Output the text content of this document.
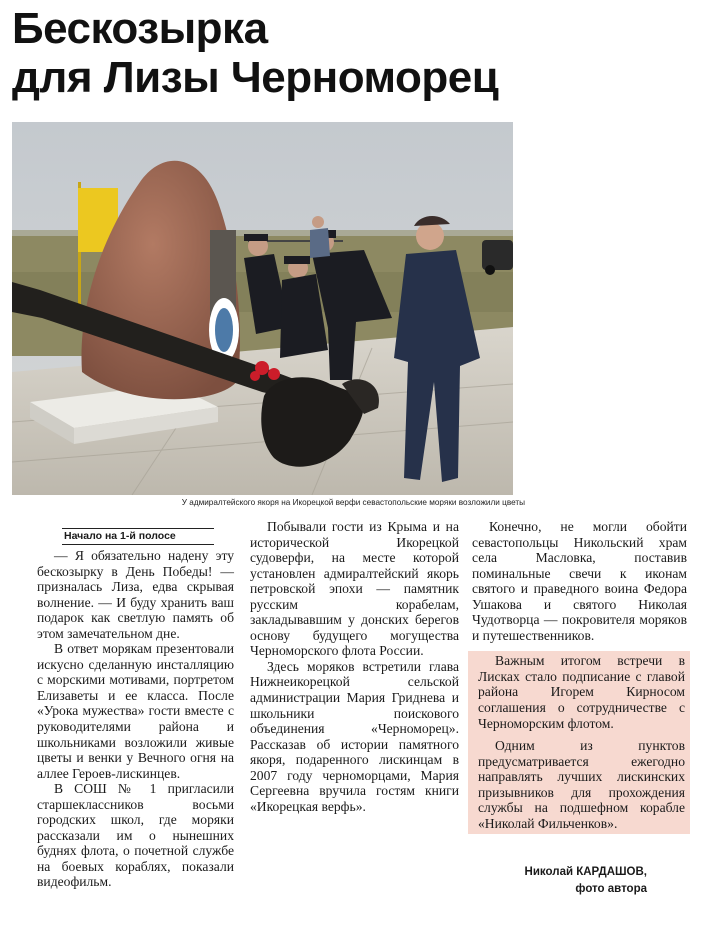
Бескозырка
для Лизы Черноморец
У адмиралтейского якоря на Икорецкой верфи севастопольские моряки возложили цветы
Начало на 1-й полосе

— Я обязательно надену эту бескозырку в День Победы! — призналась Лиза, едва скрывая волнение. — И буду хранить ваш подарок как светлую память об этом замечательном дне.

В ответ морякам презентовали искусно сделанную инсталляцию с морскими мотивами, портретом Елизаветы и ее класса. После «Урока мужества» гости вместе с руководителями района и школьниками возложили живые цветы и венки у Вечного огня на аллее Героев-лискинцев.

В СОШ № 1 пригласили старшеклассников восьми городских школ, где моряки рассказали им о нынешних буднях флота, о почетной службе на боевых кораблях, показали видеофильм.

Побывали гости из Крыма и на исторической Икорецкой судоверфи, на месте которой установлен адмиралтейский якорь петровской эпохи — памятник русским корабелам, закладывавшим у донских берегов основу будущего могущества Черноморского флота России.

Здесь моряков встретили глава Нижнеикорецкой сельской администрации Мария Гриднева и школьники поискового объединения «Черноморец». Рассказав об истории памятного якоря, подаренного лискинцам в 2007 году черноморцами, Мария Сергеевна вручила гостям книги «Икорецкая верфь».

Конечно, не могли обойти севастопольцы Никольский храм села Масловка, поставив поминальные свечи к иконам святого и праведного воина Федора Ушакова и святого Николая Чудотворца — покровителя моряков и путешественников.

Важным итогом встречи в Лисках стало подписание с главой района Игорем Кирносом соглашения о сотрудничестве с Черноморским флотом.

Одним из пунктов предусматривается ежегодно направлять лучших лискинских призывников для прохождения службы на подшефном корабле «Николай Фильченков».

Николай КАРДАШОВ,
фото автора
